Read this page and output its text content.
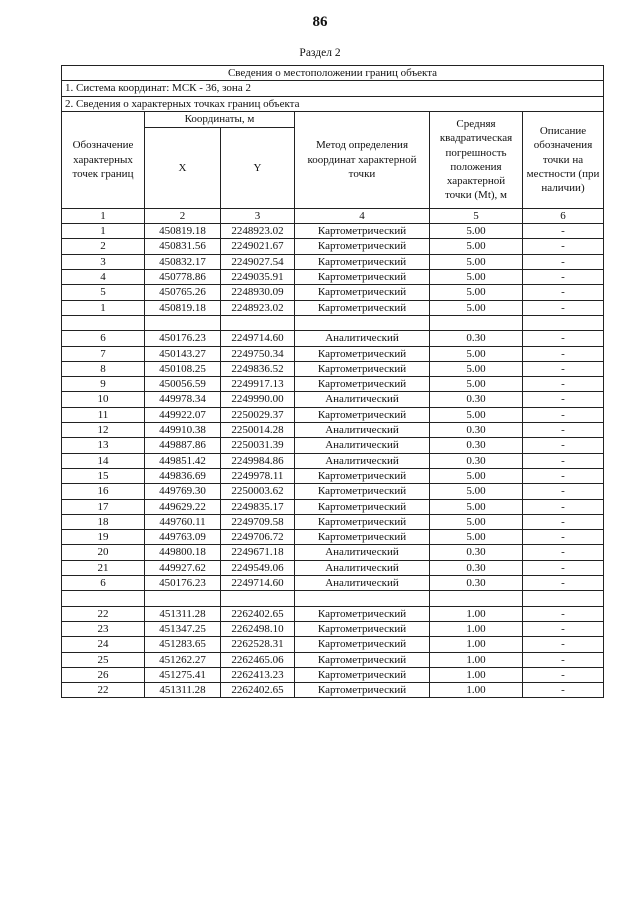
86
Раздел 2
Сведения о местоположении границ объекта					
1. Система координат: МСК - 36, зона 2					
2. Сведения о характерных точках границ объекта					
Обозначение характерных точек границ	Координаты, м		Метод определения координат характерной точки	Средняя квадратическая погрешность положения характерной точки (Mt), м	Описание обозначения точки на местности (при наличии)
	X	Y			
1	2	3	4	5	6
1	450819.18	2248923.02	Картометрический	5.00	-
2	450831.56	2249021.67	Картометрический	5.00	-
3	450832.17	2249027.54	Картометрический	5.00	-
4	450778.86	2249035.91	Картометрический	5.00	-
5	450765.26	2248930.09	Картометрический	5.00	-
1	450819.18	2248923.02	Картометрический	5.00	-

6	450176.23	2249714.60	Аналитический	0.30	-
7	450143.27	2249750.34	Картометрический	5.00	-
8	450108.25	2249836.52	Картометрический	5.00	-
9	450056.59	2249917.13	Картометрический	5.00	-
10	449978.34	2249990.00	Аналитический	0.30	-
11	449922.07	2250029.37	Картометрический	5.00	-
12	449910.38	2250014.28	Аналитический	0.30	-
13	449887.86	2250031.39	Аналитический	0.30	-
14	449851.42	2249984.86	Аналитический	0.30	-
15	449836.69	2249978.11	Картометрический	5.00	-
16	449769.30	2250003.62	Картометрический	5.00	-
17	449629.22	2249835.17	Картометрический	5.00	-
18	449760.11	2249709.58	Картометрический	5.00	-
19	449763.09	2249706.72	Картометрический	5.00	-
20	449800.18	2249671.18	Аналитический	0.30	-
21	449927.62	2249549.06	Аналитический	0.30	-
6	450176.23	2249714.60	Аналитический	0.30	-

22	451311.28	2262402.65	Картометрический	1.00	-
23	451347.25	2262498.10	Картометрический	1.00	-
24	451283.65	2262528.31	Картометрический	1.00	-
25	451262.27	2262465.06	Картометрический	1.00	-
26	451275.41	2262413.23	Картометрический	1.00	-
22	451311.28	2262402.65	Картометрический	1.00	-
